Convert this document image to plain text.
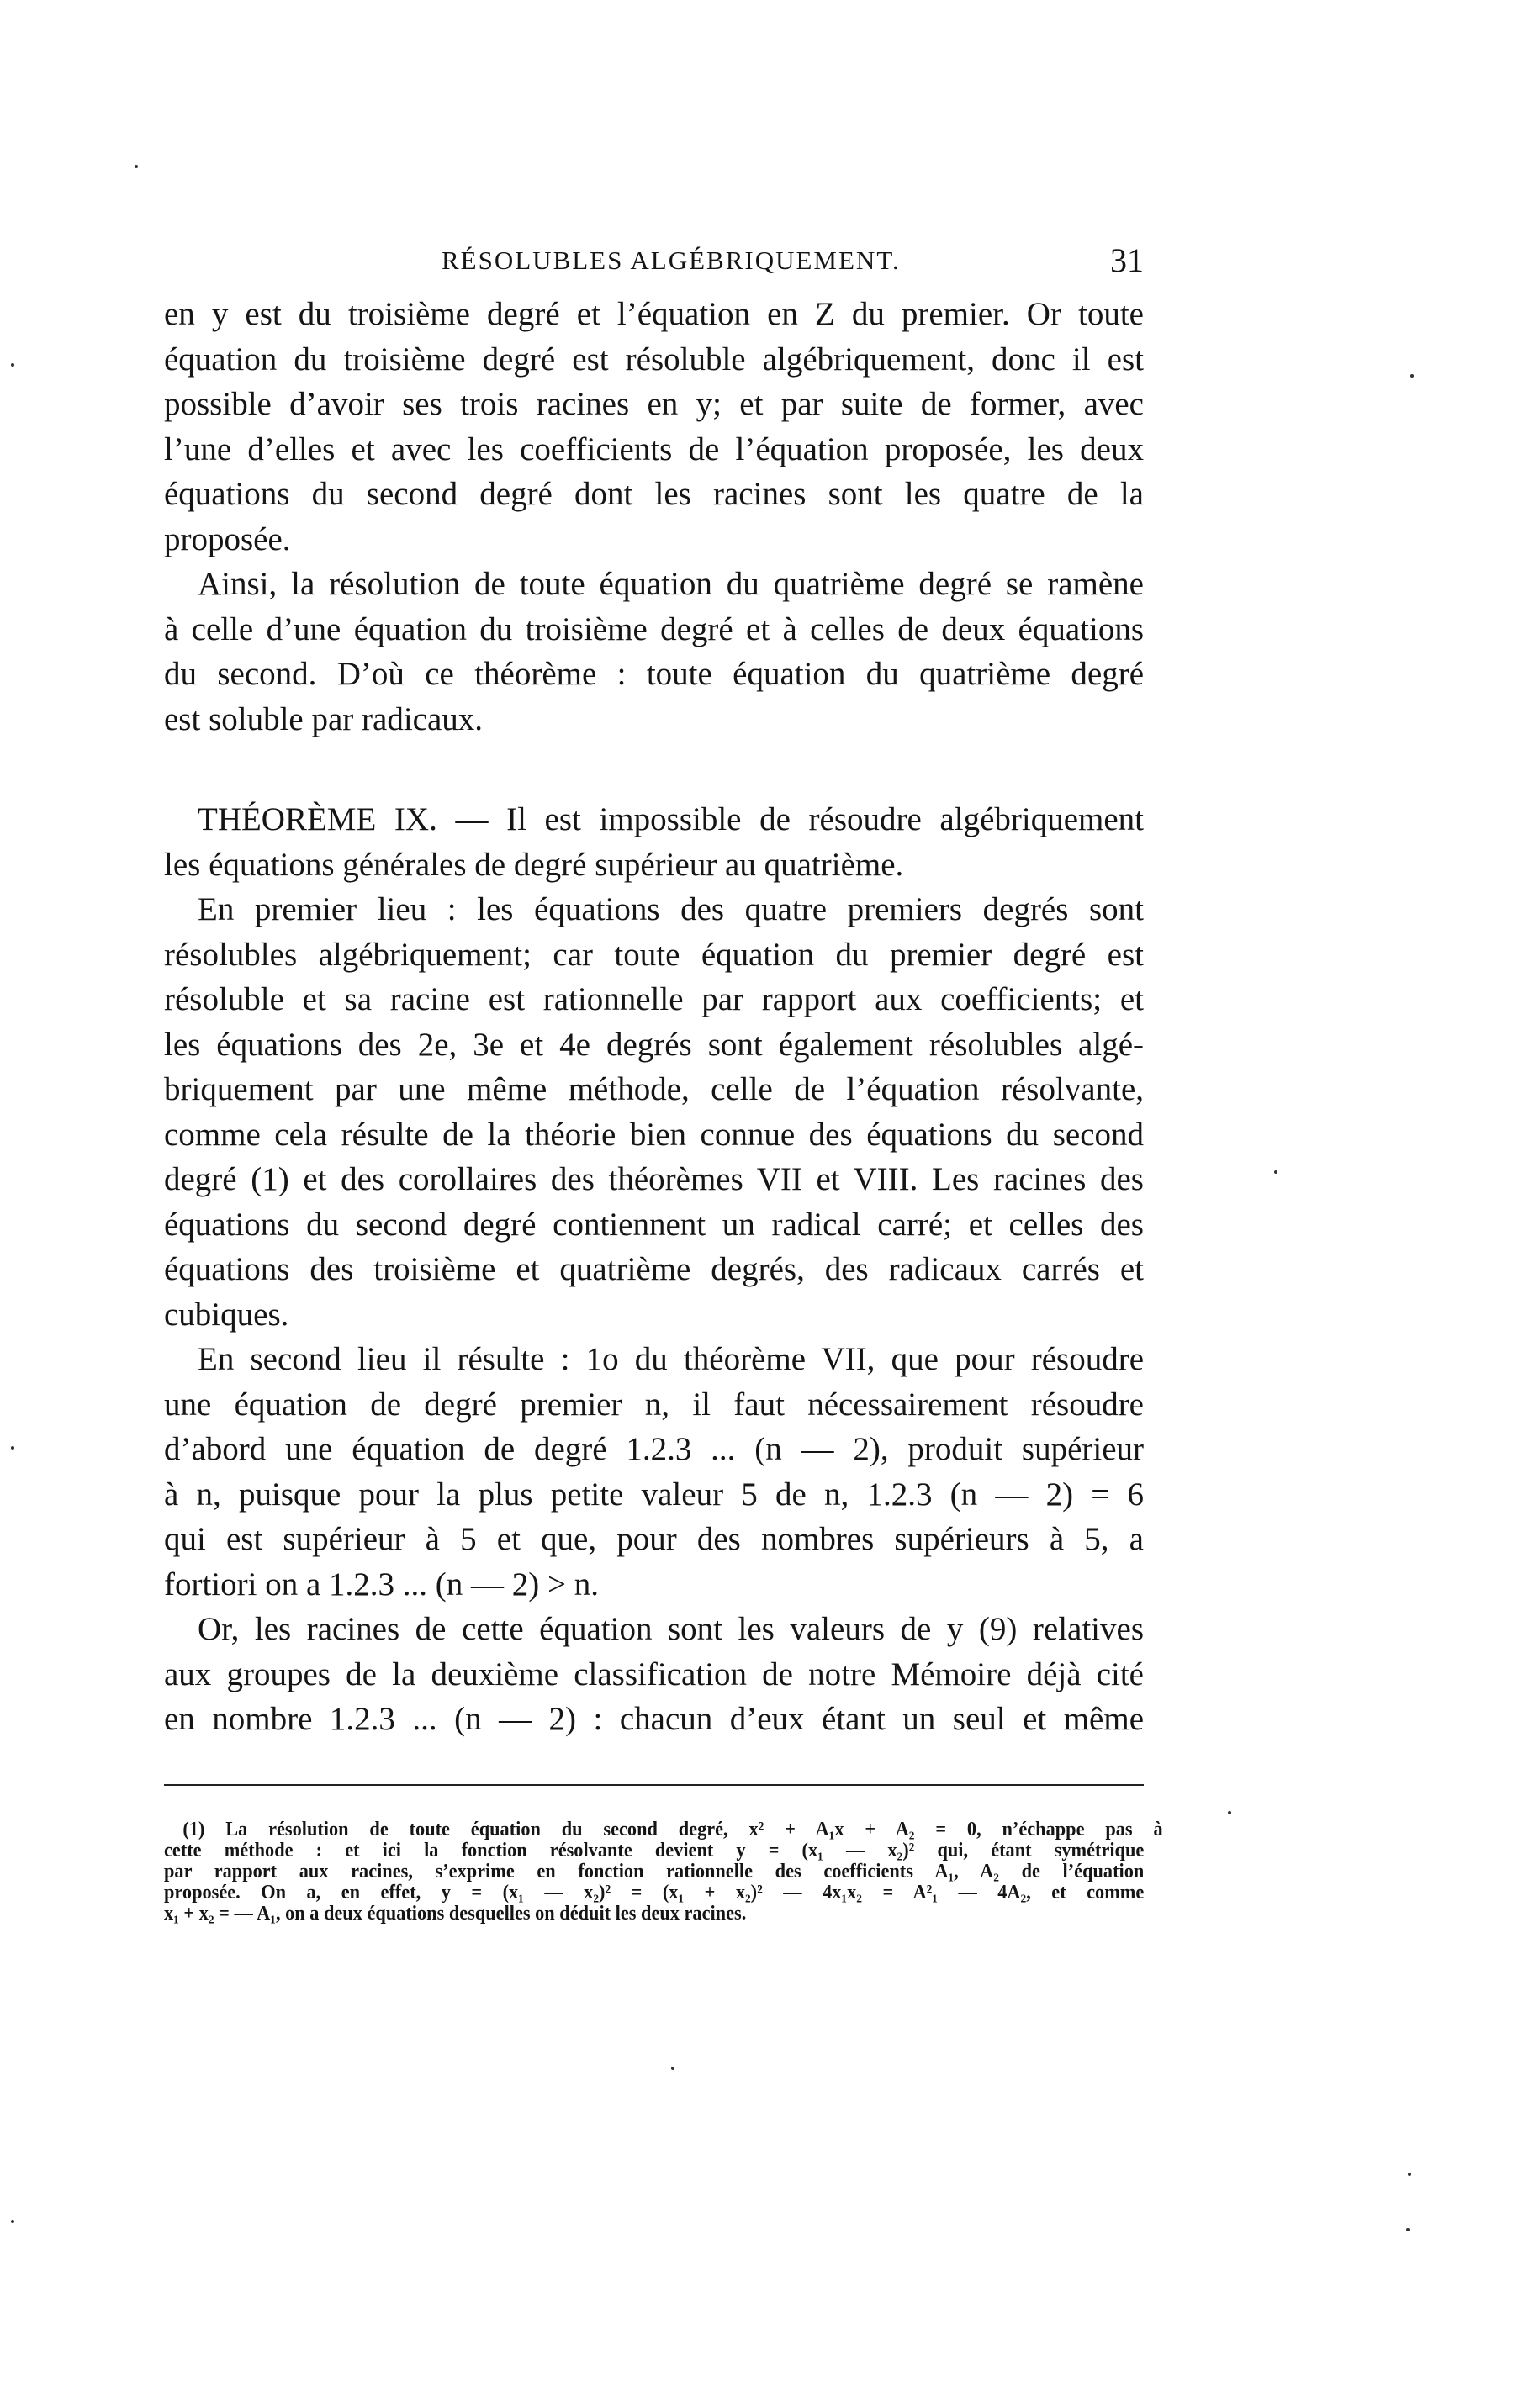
RÉSOLUBLES ALGÉBRIQUEMENT.	31
en y est du troisième degré et l’équation en Z du premier. Or toute
équation du troisième degré est résoluble algébriquement, donc il est
possible d’avoir ses trois racines en y; et par suite de former, avec
l’une d’elles et avec les coefficients de l’équation proposée, les deux
équations du second degré dont les racines sont les quatre de la
proposée.
Ainsi, la résolution de toute équation du quatrième degré se ramène
à celle d’une équation du troisième degré et à celles de deux équations
du second. D’où ce théorème : toute équation du quatrième degré
est soluble par radicaux.
THÉORÈME IX. — Il est impossible de résoudre algébriquement
les équations générales de degré supérieur au quatrième.
En premier lieu : les équations des quatre premiers degrés sont
résolubles algébriquement; car toute équation du premier degré est
résoluble et sa racine est rationnelle par rapport aux coefficients; et
les équations des 2e, 3e et 4e degrés sont également résolubles algé-
briquement par une même méthode, celle de l’équation résolvante,
comme cela résulte de la théorie bien connue des équations du second
degré (1) et des corollaires des théorèmes VII et VIII. Les racines des
équations du second degré contiennent un radical carré; et celles des
équations des troisième et quatrième degrés, des radicaux carrés et
cubiques.
En second lieu il résulte : 1o du théorème VII, que pour résoudre
une équation de degré premier n, il faut nécessairement résoudre
d’abord une équation de degré 1.2.3 ... (n — 2), produit supérieur
à n, puisque pour la plus petite valeur 5 de n, 1.2.3 (n — 2) = 6
qui est supérieur à 5 et que, pour des nombres supérieurs à 5, a
fortiori on a 1.2.3 ... (n — 2) > n.
Or, les racines de cette équation sont les valeurs de y (9) relatives
aux groupes de la deuxième classification de notre Mémoire déjà cité
en nombre 1.2.3 ... (n — 2) : chacun d’eux étant un seul et même
(1) La résolution de toute équation du second degré, x² + A₁x + A₂ = 0, n’échappe pas à
cette méthode : et ici la fonction résolvante devient y = (x₁ — x₂)² qui, étant symétrique
par rapport aux racines, s’exprime en fonction rationnelle des coefficients A₁, A₂ de l’équation
proposée. On a, en effet, y = (x₁ — x₂)² = (x₁ + x₂)² — 4x₁x₂ = A²₁ — 4A₂, et comme
x₁ + x₂ = — A₁, on a deux équations desquelles on déduit les deux racines.
